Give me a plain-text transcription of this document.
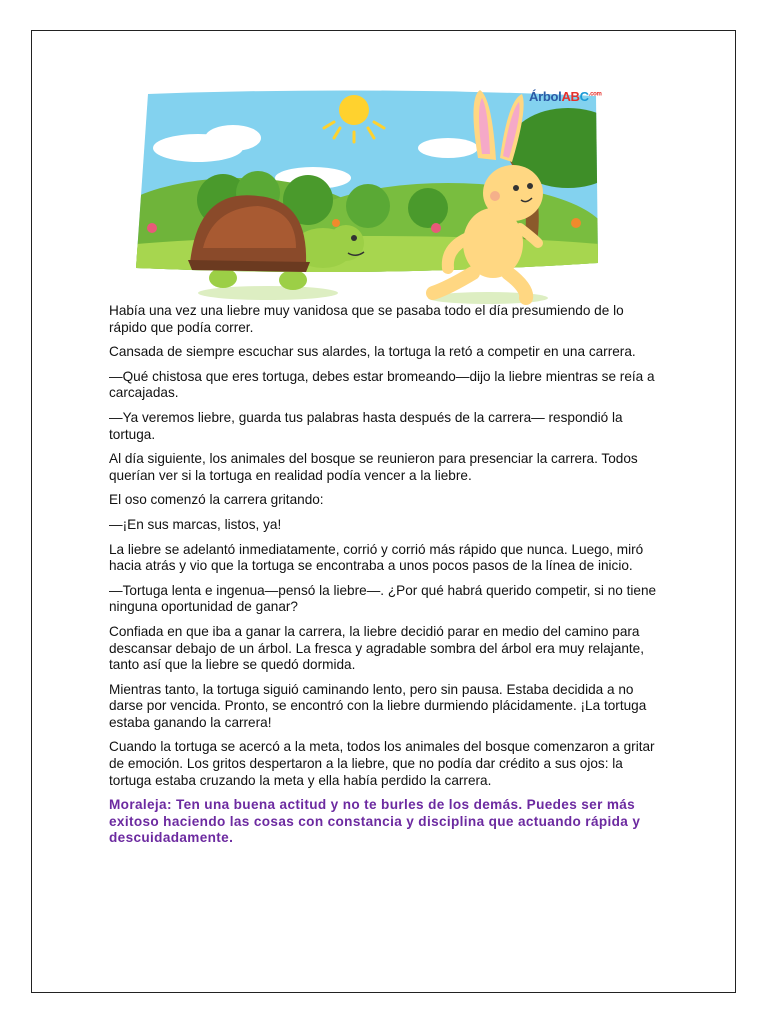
ÁrbolABC$^{.com}$

Había una vez una liebre muy vanidosa que se pasaba todo el día presumiendo de lo rápido que podía correr.

Cansada de siempre escuchar sus alardes, la tortuga la retó a competir en una carrera.

—Qué chistosa que eres tortuga, debes estar bromeando—dijo la liebre mientras se reía a carcajadas.

—Ya veremos liebre, guarda tus palabras hasta después de la carrera— respondió la tortuga.

Al día siguiente, los animales del bosque se reunieron para presenciar la carrera. Todos querían ver si la tortuga en realidad podía vencer a la liebre.

El oso comenzó la carrera gritando:

—¡En sus marcas, listos, ya!

La liebre se adelantó inmediatamente, corrió y corrió más rápido que nunca. Luego, miró hacia atrás y vio que la tortuga se encontraba a unos pocos pasos de la línea de inicio.

—Tortuga lenta e ingenua—pensó la liebre—. ¿Por qué habrá querido competir, si no tiene ninguna oportunidad de ganar?

Confiada en que iba a ganar la carrera, la liebre decidió parar en medio del camino para descansar debajo de un árbol. La fresca y agradable sombra del árbol era muy relajante, tanto así que la liebre se quedó dormida.

Mientras tanto, la tortuga siguió caminando lento, pero sin pausa. Estaba decidida a no darse por vencida. Pronto, se encontró con la liebre durmiendo plácidamente. ¡La tortuga estaba ganando la carrera!

Cuando la tortuga se acercó a la meta, todos los animales del bosque comenzaron a gritar de emoción. Los gritos despertaron a la liebre, que no podía dar crédito a sus ojos: la tortuga estaba cruzando la meta y ella había perdido la carrera.

Moraleja: Ten una buena actitud y no te burles de los demás. Puedes ser más exitoso haciendo las cosas con constancia y disciplina que actuando rápida y descuidadamente.
